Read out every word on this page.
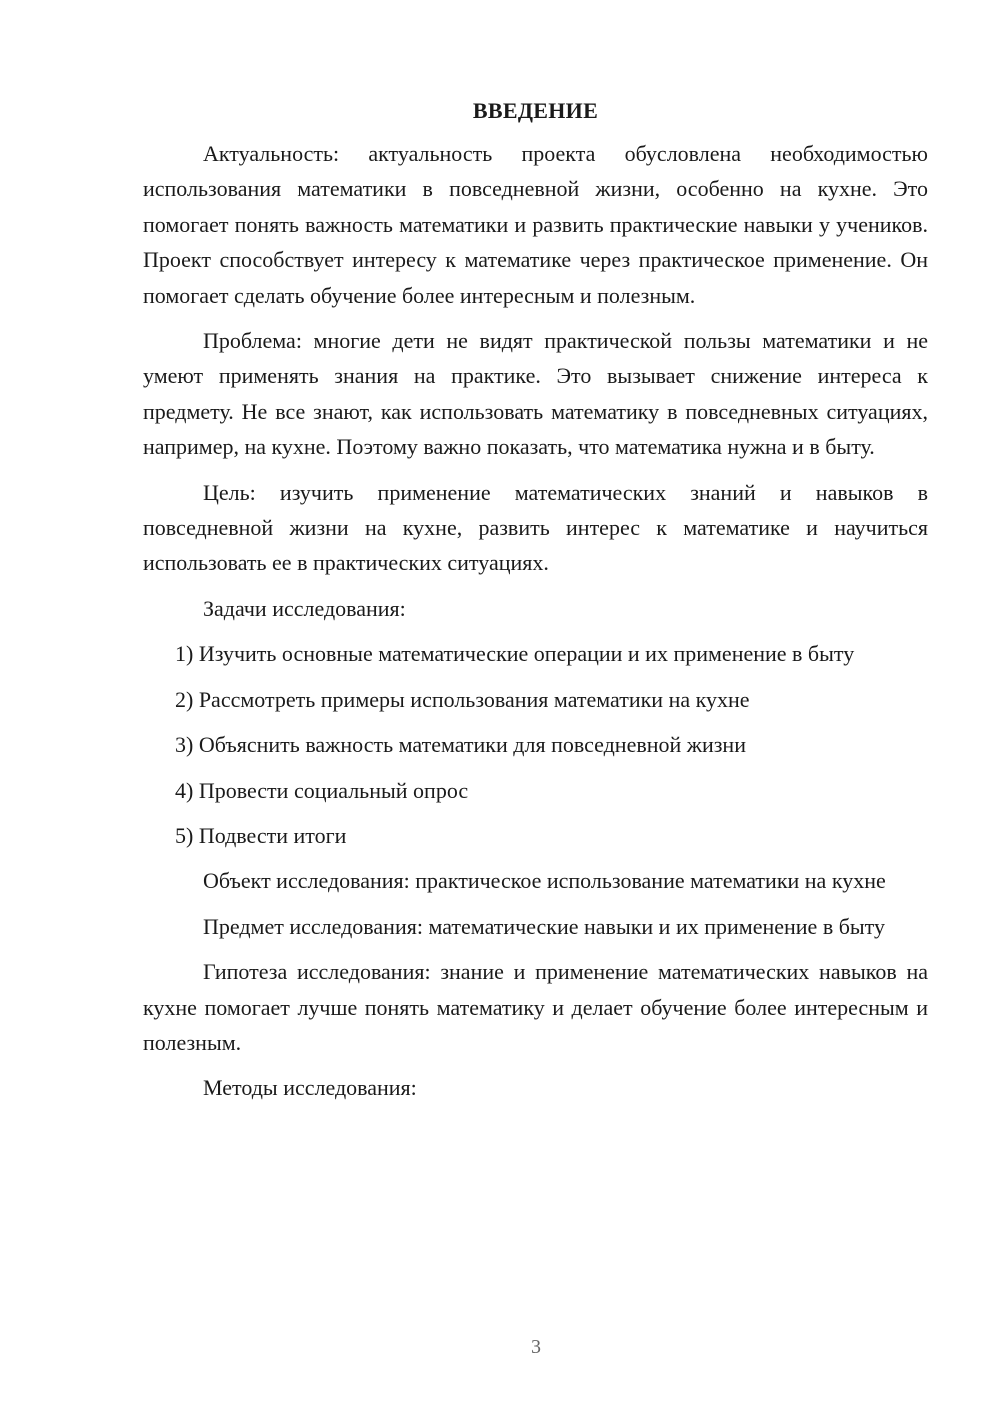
ВВЕДЕНИЕ

Актуальность: актуальность проекта обусловлена необходимостью использования математики в повседневной жизни, особенно на кухне. Это помогает понять важность математики и развить практические навыки у учеников. Проект способствует интересу к математике через практическое применение. Он помогает сделать обучение более интересным и полезным.

Проблема: многие дети не видят практической пользы математики и не умеют применять знания на практике. Это вызывает снижение интереса к предмету. Не все знают, как использовать математику в повседневных ситуациях, например, на кухне. Поэтому важно показать, что математика нужна и в быту.

Цель: изучить применение математических знаний и навыков в повседневной жизни на кухне, развить интерес к математике и научиться использовать ее в практических ситуациях.

Задачи исследования:

1) Изучить основные математические операции и их применение в быту
2) Рассмотреть примеры использования математики на кухне
3) Объяснить важность математики для повседневной жизни
4) Провести социальный опрос
5) Подвести итоги

Объект исследования: практическое использование математики на кухне

Предмет исследования: математические навыки и их применение в быту

Гипотеза исследования: знание и применение математических навыков на кухне помогает лучше понять математику и делает обучение более интересным и полезным.

Методы исследования:

3
